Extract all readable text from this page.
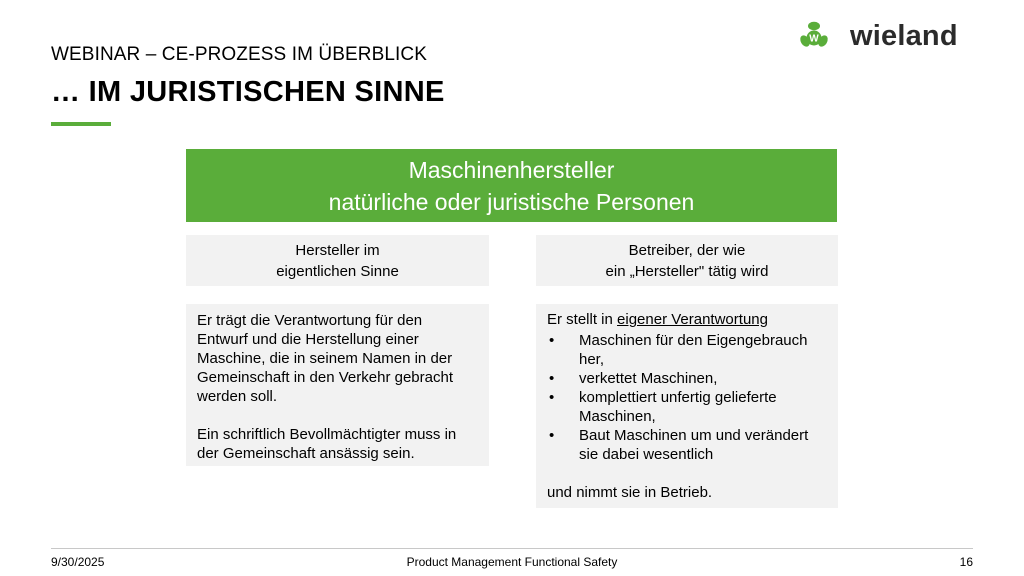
WEBINAR – CE-PROZESS IM ÜBERBLICK
… IM JURISTISCHEN SINNE
W wieland
Maschinenhersteller
natürliche oder juristische Personen
Hersteller im
eigentlichen Sinne
Betreiber, der wie
ein „Hersteller" tätig wird
Er trägt die Verantwortung für den
Entwurf und die Herstellung einer
Maschine, die in seinem Namen in der
Gemeinschaft in den Verkehr gebracht
werden soll.
Ein schriftlich Bevollmächtigter muss in
der Gemeinschaft ansässig sein.
Er stellt in eigener Verantwortung
• Maschinen für den Eigengebrauch
her,
• verkettet Maschinen,
• komplettiert unfertig gelieferte
Maschinen,
• Baut Maschinen um und verändert
sie dabei wesentlich
und nimmt sie in Betrieb.
9/30/2025	Product Management Functional Safety	16
